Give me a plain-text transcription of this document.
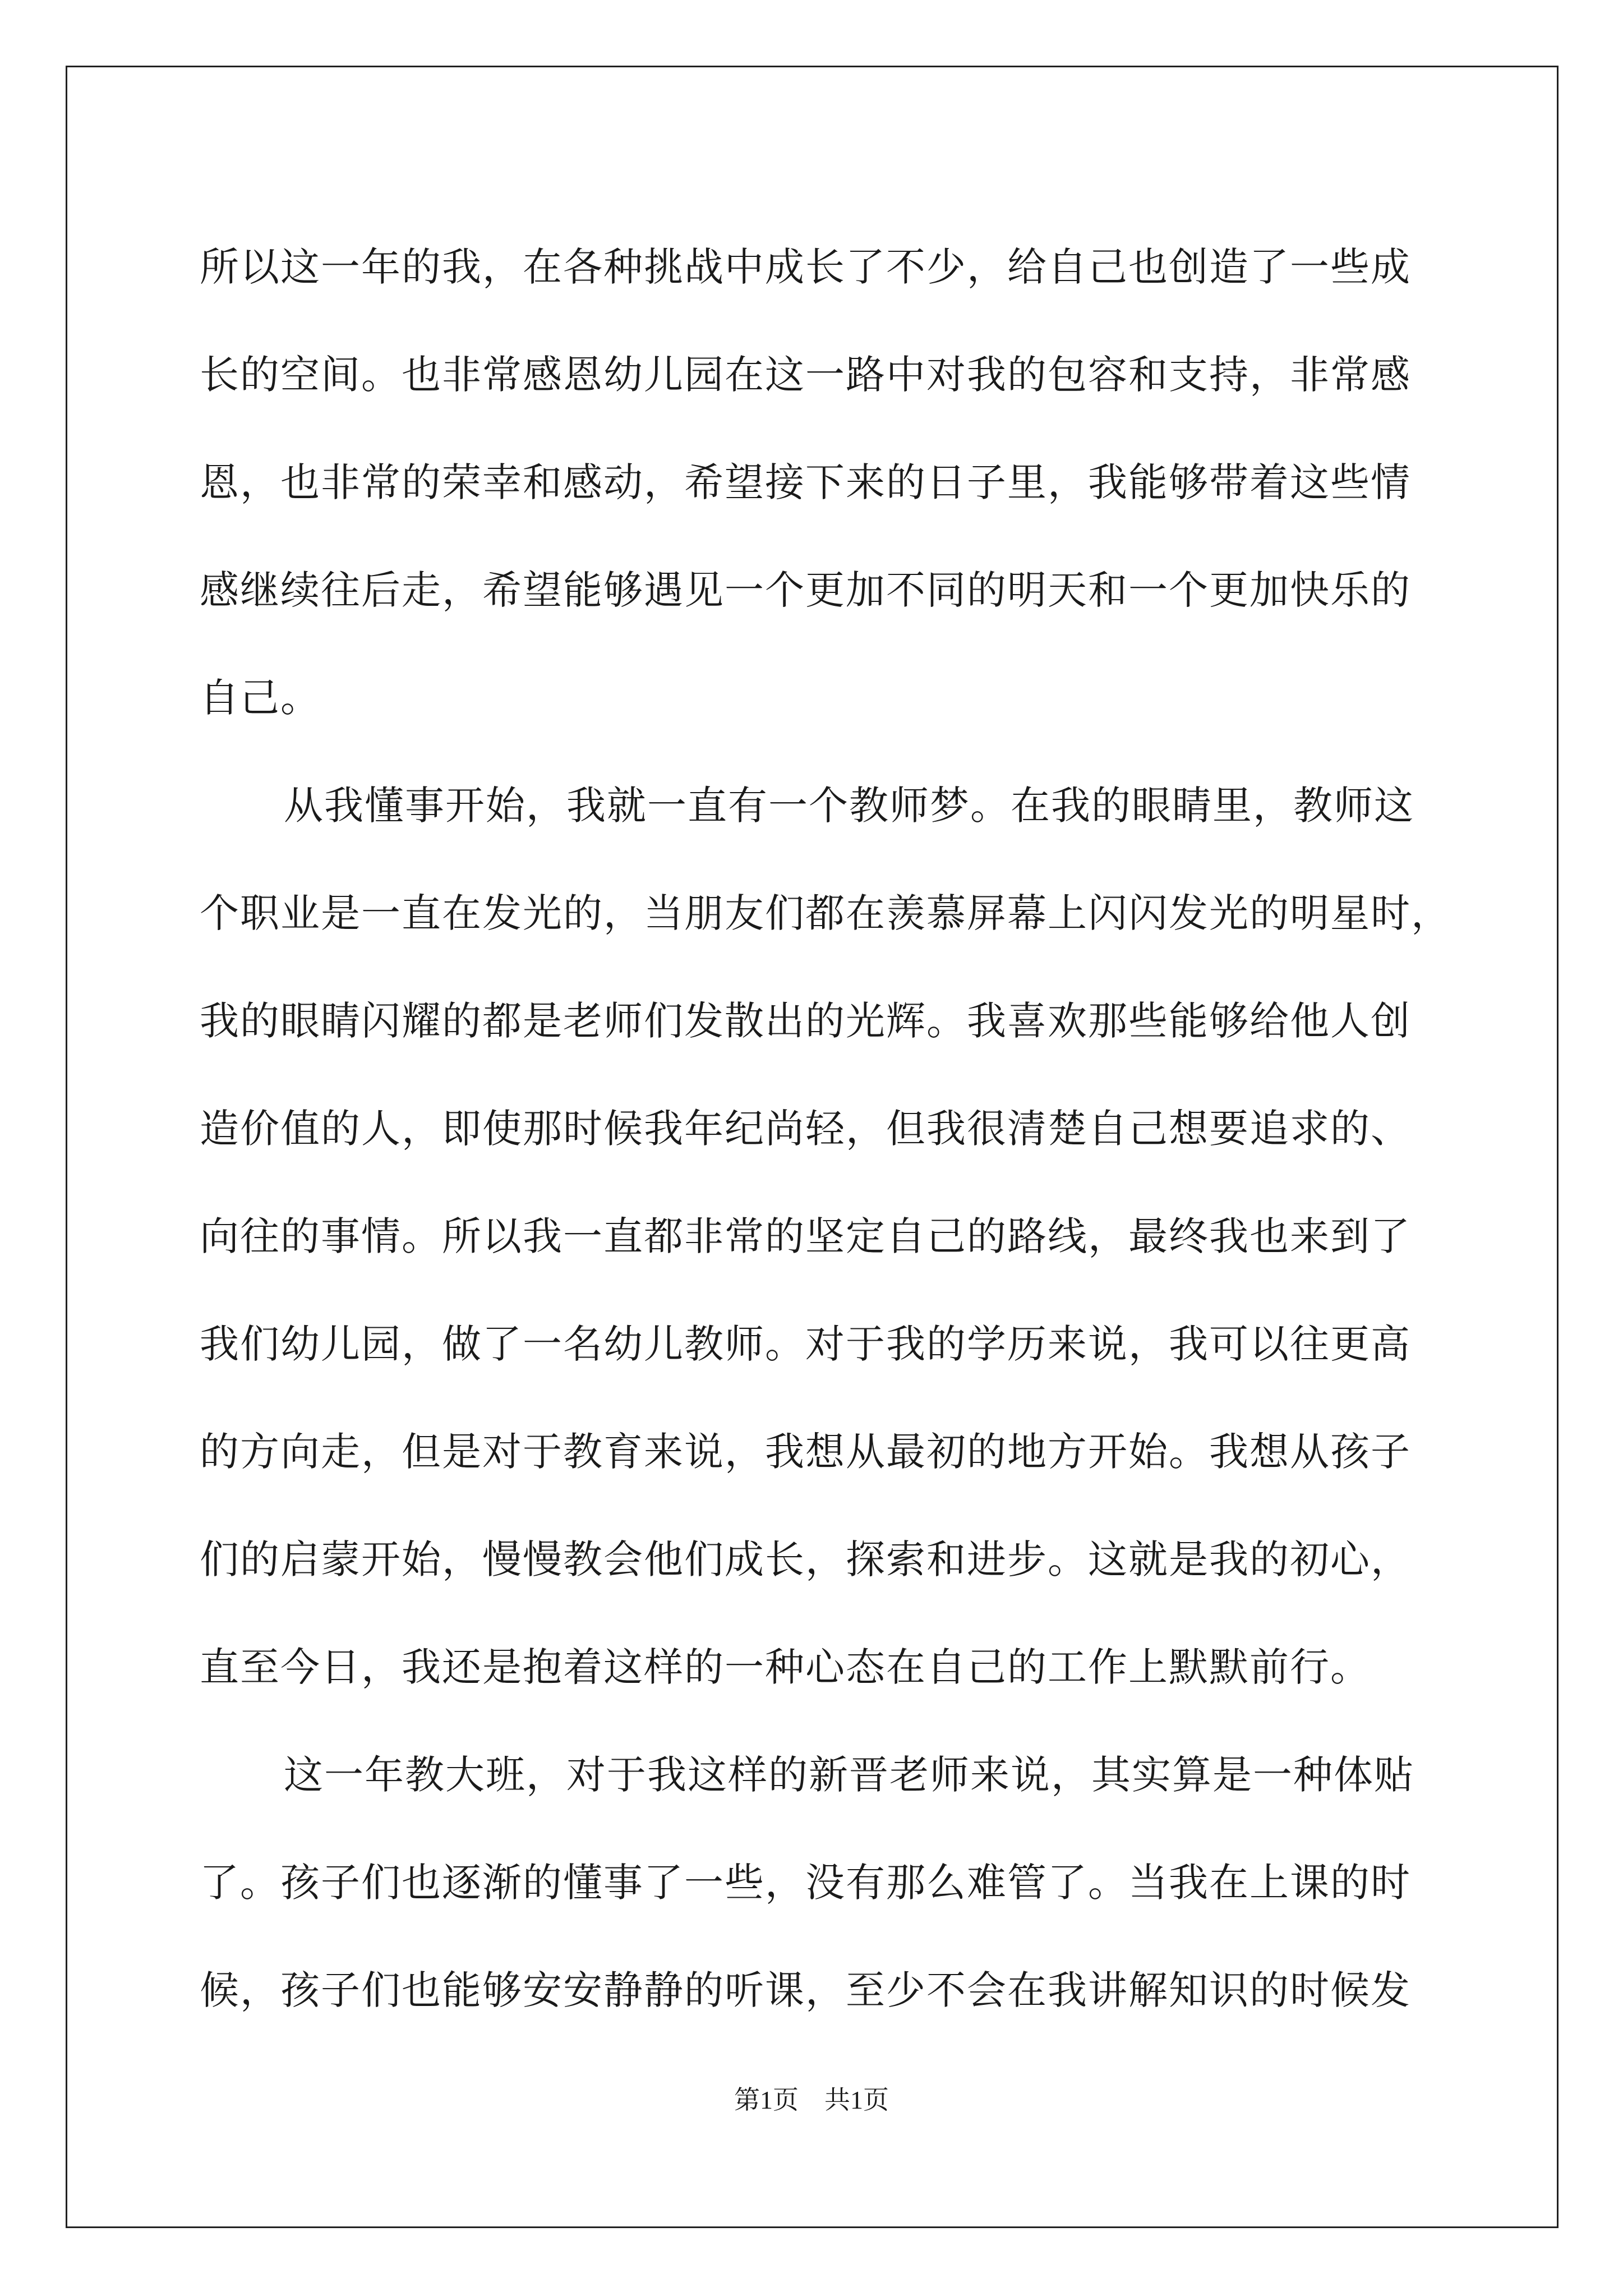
所以这一年的我，在各种挑战中成长了不少，给自己也创造了一些成
长的空间。也非常感恩幼儿园在这一路中对我的包容和支持，非常感
恩，也非常的荣幸和感动，希望接下来的日子里，我能够带着这些情
感继续往后走，希望能够遇见一个更加不同的明天和一个更加快乐的
自己。
从我懂事开始，我就一直有一个教师梦。在我的眼睛里，教师这
个职业是一直在发光的，当朋友们都在羡慕屏幕上闪闪发光的明星时，
我的眼睛闪耀的都是老师们发散出的光辉。我喜欢那些能够给他人创
造价值的人，即使那时候我年纪尚轻，但我很清楚自己想要追求的、
向往的事情。所以我一直都非常的坚定自己的路线，最终我也来到了
我们幼儿园，做了一名幼儿教师。对于我的学历来说，我可以往更高
的方向走，但是对于教育来说，我想从最初的地方开始。我想从孩子
们的启蒙开始，慢慢教会他们成长，探索和进步。这就是我的初心，
直至今日，我还是抱着这样的一种心态在自己的工作上默默前行。
这一年教大班，对于我这样的新晋老师来说，其实算是一种体贴
了。孩子们也逐渐的懂事了一些，没有那么难管了。当我在上课的时
候，孩子们也能够安安静静的听课，至少不会在我讲解知识的时候发
第1页　共1页
